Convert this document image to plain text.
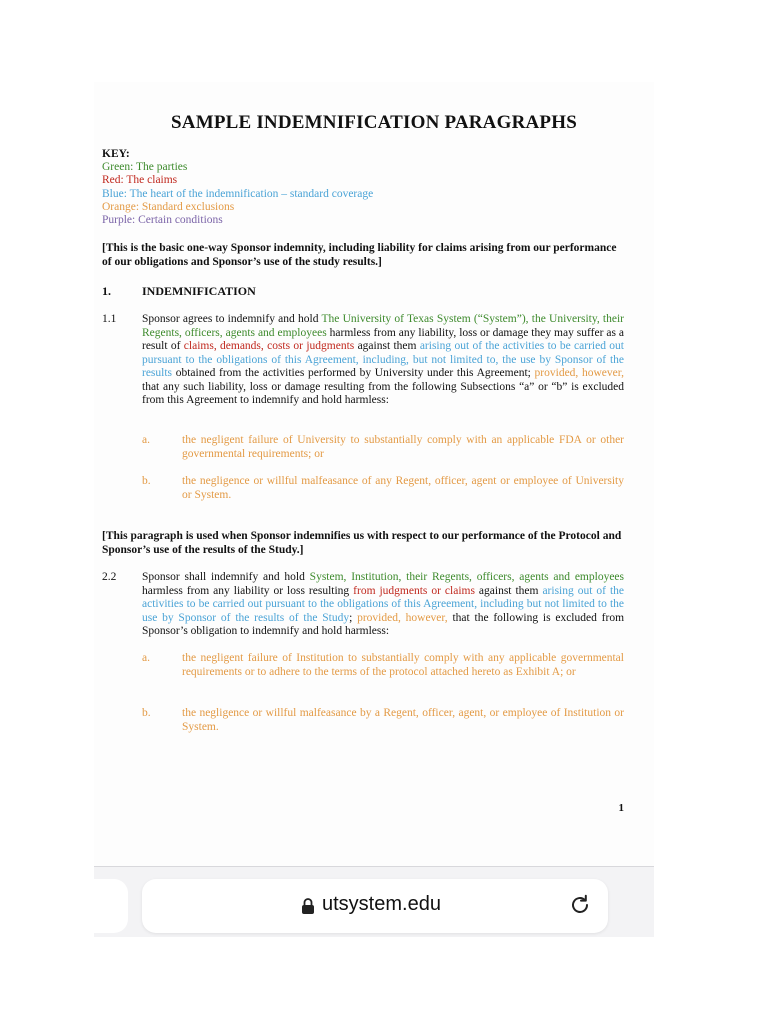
SAMPLE INDEMNIFICATION PARAGRAPHS
KEY:
Green: The parties
Red: The claims
Blue: The heart of the indemnification – standard coverage
Orange: Standard exclusions
Purple: Certain conditions
[This is the basic one-way Sponsor indemnity, including liability for claims arising from our performance of our obligations and Sponsor’s use of the study results.]
1.	INDEMNIFICATION
1.1 Sponsor agrees to indemnify and hold The University of Texas System (“System”), the University, their Regents, officers, agents and employees harmless from any liability, loss or damage they may suffer as a result of claims, demands, costs or judgments against them arising out of the activities to be carried out pursuant to the obligations of this Agreement, including, but not limited to, the use by Sponsor of the results obtained from the activities performed by University under this Agreement; provided, however, that any such liability, loss or damage resulting from the following Subsections “a” or “b” is excluded from this Agreement to indemnify and hold harmless:
a.	the negligent failure of University to substantially comply with an applicable FDA or other governmental requirements; or
b.	the negligence or willful malfeasance of any Regent, officer, agent or employee of University or System.
[This paragraph is used when Sponsor indemnifies us with respect to our performance of the Protocol and Sponsor’s use of the results of the Study.]
2.2 Sponsor shall indemnify and hold System, Institution, their Regents, officers, agents and employees harmless from any liability or loss resulting from judgments or claims against them arising out of the activities to be carried out pursuant to the obligations of this Agreement, including but not limited to the use by Sponsor of the results of the Study; provided, however, that the following is excluded from Sponsor’s obligation to indemnify and hold harmless:
a.	the negligent failure of Institution to substantially comply with any applicable governmental requirements or to adhere to the terms of the protocol attached hereto as Exhibit A; or
b.	the negligence or willful malfeasance by a Regent, officer, agent, or employee of Institution or System.
1
utsystem.edu
